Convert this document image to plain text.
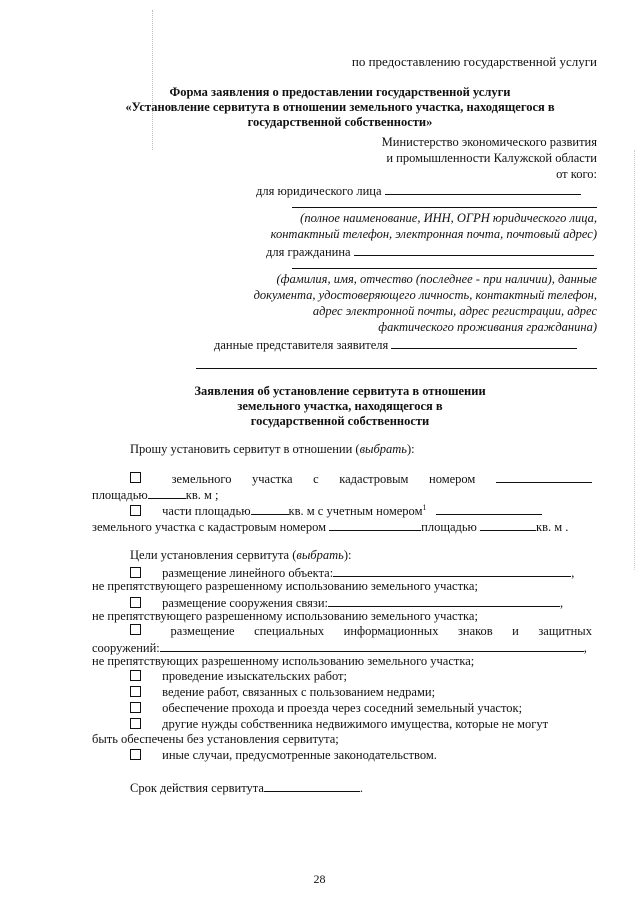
по предоставлению государственной услуги
Форма заявления о предоставлении государственной услуги
«Установление сервитута в отношении земельного участка, находящегося в
государственной собственности»
Министерство экономического развития
и промышленности Калужской области
от кого:
для юридического лица
(полное наименование, ИНН, ОГРН юридического лица,
контактный телефон, электронная почта, почтовый адрес)
для гражданина
(фамилия, имя, отчество (последнее - при наличии), данные
документа, удостоверяющего личность, контактный телефон,
адрес электронной почты, адрес регистрации, адрес
фактического проживания гражданина)
данные представителя заявителя
Заявления об установление сервитута в отношении
земельного участка, находящегося в
государственной собственности
Прошу установить сервитут в отношении (выбрать):
земельного участка с кадастровым номером
площадью	кв. м ;
части площадью	кв. м с учетным номером$^1$
земельного участка с кадастровым номером	площадью	кв. м .
Цели установления сервитута (выбрать):
размещение линейного объекта:	,
не препятствующего разрешенному использованию земельного участка;
размещение сооружения связи:	,
не препятствующего разрешенному использованию земельного участка;
размещение специальных информационных знаков и защитных
сооружений:	,
не препятствующих разрешенному использованию земельного участка;
проведение изыскательских работ;
ведение работ, связанных с пользованием недрами;
обеспечение прохода и проезда через соседний земельный участок;
другие нужды собственника недвижимого имущества, которые не могут
быть обеспечены без установления сервитута;
иные случаи, предусмотренные законодательством.
Срок действия сервитута	.
28
